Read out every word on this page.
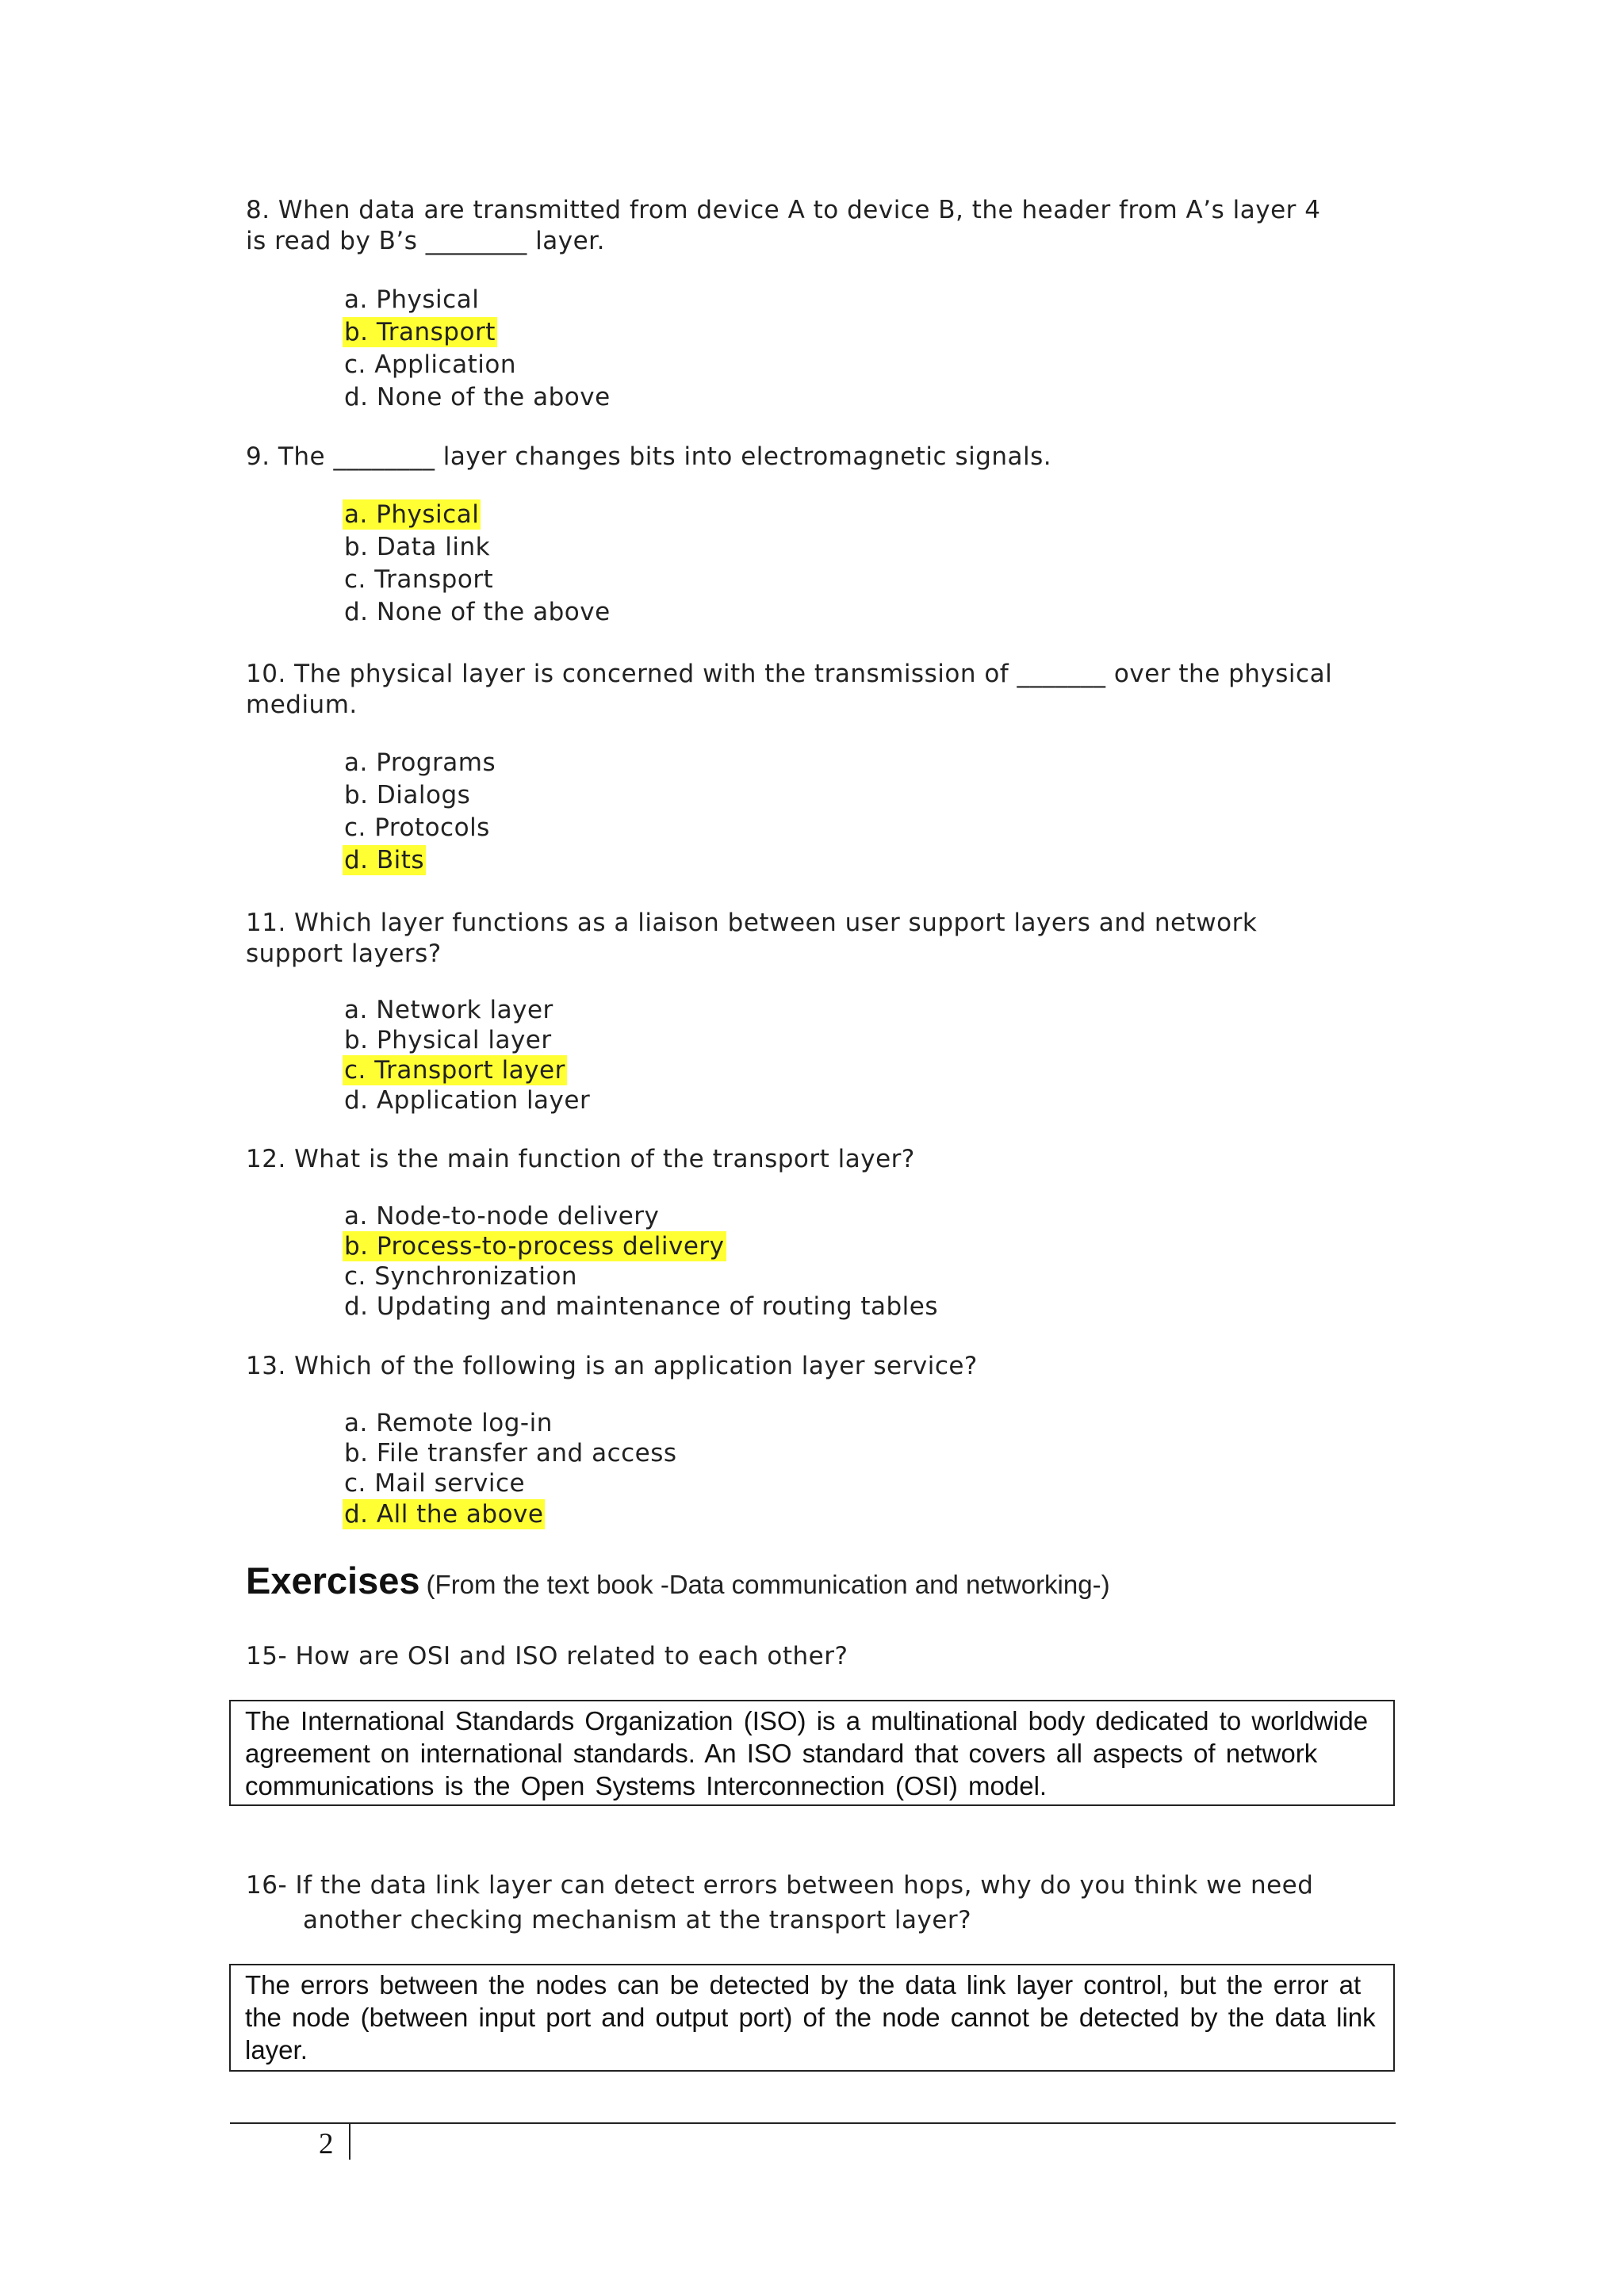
8. When data are transmitted from device A to device B, the header from A’s layer 4 is read by B’s ________ layer.
a. Physical
b. Transport
c. Application
d. None of the above
9. The ________ layer changes bits into electromagnetic signals.
a. Physical
b. Data link
c. Transport
d. None of the above
10. The physical layer is concerned with the transmission of _______ over the physical medium.
a. Programs
b. Dialogs
c. Protocols
d. Bits
11. Which layer functions as a liaison between user support layers and network support layers?
a. Network layer
b. Physical layer
c. Transport layer
d. Application layer
12. What is the main function of the transport layer?
a. Node-to-node delivery
b. Process-to-process delivery
c. Synchronization
d. Updating and maintenance of routing tables
13. Which of the following is an application layer service?
a. Remote log-in
b. File transfer and access
c. Mail service
d. All the above
Exercises (From the text book -Data communication and networking-)
15- How are OSI and ISO related to each other?
The International Standards Organization (ISO) is a multinational body dedicated to worldwide agreement on international standards. An ISO standard that covers all aspects of network communications is the Open Systems Interconnection (OSI) model.
16- If the data link layer can detect errors between hops, why do you think we need
another checking mechanism at the transport layer?
The errors between the nodes can be detected by the data link layer control, but the error at the node (between input port and output port) of the node cannot be detected by the data link layer.
2
